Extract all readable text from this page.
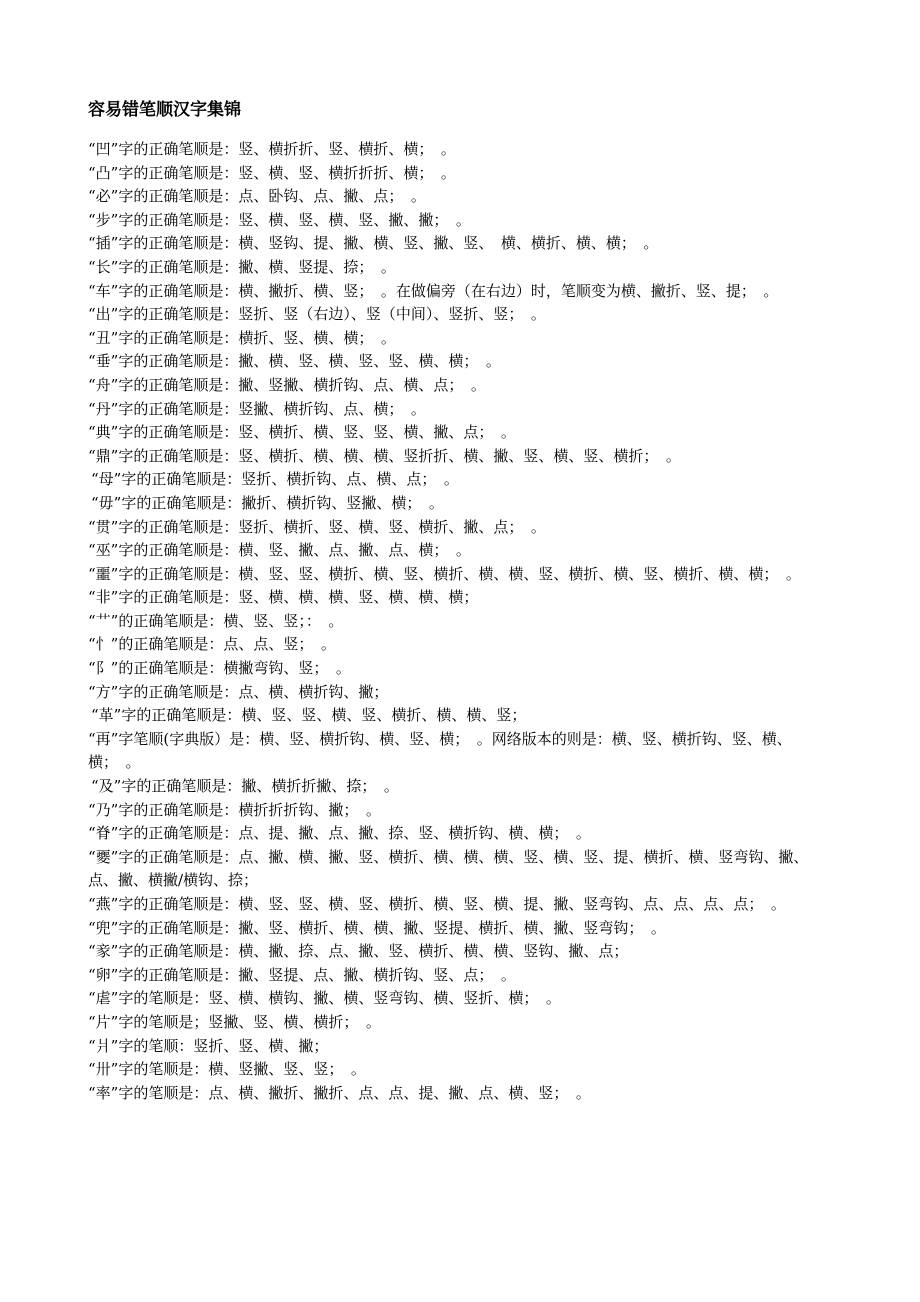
容易错笔顺汉字集锦
“凹”字的正确笔顺是：竖、横折折、竖、横折、横；　。
“凸”字的正确笔顺是：竖、横、竖、横折折折、横；　。
“必”字的正确笔顺是：点、卧钩、点、撇、点；　。
“步”字的正确笔顺是：竖、横、竖、横、竖、撇、撇；　。
“插”字的正确笔顺是：横、竖钩、提、撇、横、竖、撇、竖、　横、横折、横、横；　。
“长”字的正确笔顺是：撇、横、竖提、捺；　。
“车”字的正确笔顺是：横、撇折、横、竖；　。在做偏旁（在右边）时，笔顺变为横、撇折、竖、提；　。
“出”字的正确笔顺是：竖折、竖（右边）、竖（中间）、竖折、竖；　。
“丑”字的正确笔顺是：横折、竖、横、横；　。
“垂”字的正确笔顺是：撇、横、竖、横、竖、竖、横、横；　。
“舟”字的正确笔顺是：撇、竖撇、横折钩、点、横、点；　。
“丹”字的正确笔顺是：竖撇、横折钩、点、横；　。
“典”字的正确笔顺是：竖、横折、横、竖、竖、横、撇、点；　。
“鼎”字的正确笔顺是：竖、横折、横、横、横、竖折折、横、撇、竖、横、竖、横折；　。
“母”字的正确笔顺是：竖折、横折钩、点、横、点；　。
“毋”字的正确笔顺是：撇折、横折钩、竖撇、横；　。
“贯”字的正确笔顺是：竖折、横折、竖、横、竖、横折、撇、点；　。
“巫”字的正确笔顺是：横、竖、撇、点、撇、点、横；　。
“噩”字的正确笔顺是：横、竖、竖、横折、横、竖、横折、横、横、竖、横折、横、竖、横折、横、横；　。
“非”字的正确笔顺是：竖、横、横、横、竖、横、横、横；
“艹”的正确笔顺是：横、竖、竖；：　。
“忄”的正确笔顺是：点、点、竖；　。
“阝”的正确笔顺是：横撇弯钩、竖；　。
“方”字的正确笔顺是：点、横、横折钩、撇；
“革”字的正确笔顺是：横、竖、竖、横、竖、横折、横、横、竖；
“再”字笔顺(字典版）是：横、竖、横折钩、横、竖、横；　。网络版本的则是：横、竖、横折钩、竖、横、横；　。
“及”字的正确笔顺是：撇、横折折撇、捺；　。
“乃”字的正确笔顺是：横折折折钩、撇；　。
“脊”字的正确笔顺是：点、提、撇、点、撇、捺、竖、横折钩、横、横；　。
“夒”字的正确笔顺是：点、撇、横、撇、竖、横折、横、横、横、竖、横、竖、提、横折、横、竖弯钩、撇、点、撇、横撇/横钩、捺；
“燕”字的正确笔顺是：横、竖、竖、横、竖、横折、横、竖、横、提、撇、竖弯钩、点、点、点、点；　。
“兜”字的正确笔顺是：撇、竖、横折、横、横、撇、竖提、横折、横、撇、竖弯钩；　。
“豙”字的正确笔顺是：横、撇、捺、点、撇、竖、横折、横、横、竖钩、撇、点；
“卵”字的正确笔顺是：撇、竖提、点、撇、横折钩、竖、点；　。
“虐”字的笔顺是：竖、横、横钩、撇、横、竖弯钩、横、竖折、横；　。
“片”字的笔顺是；竖撇、竖、横、横折；　。
“爿”字的笔顺：竖折、竖、横、撇；
“卅”字的笔顺是：横、竖撇、竖、竖；　。
“率”字的笔顺是：点、横、撇折、撇折、点、点、提、撇、点、横、竖；　。
